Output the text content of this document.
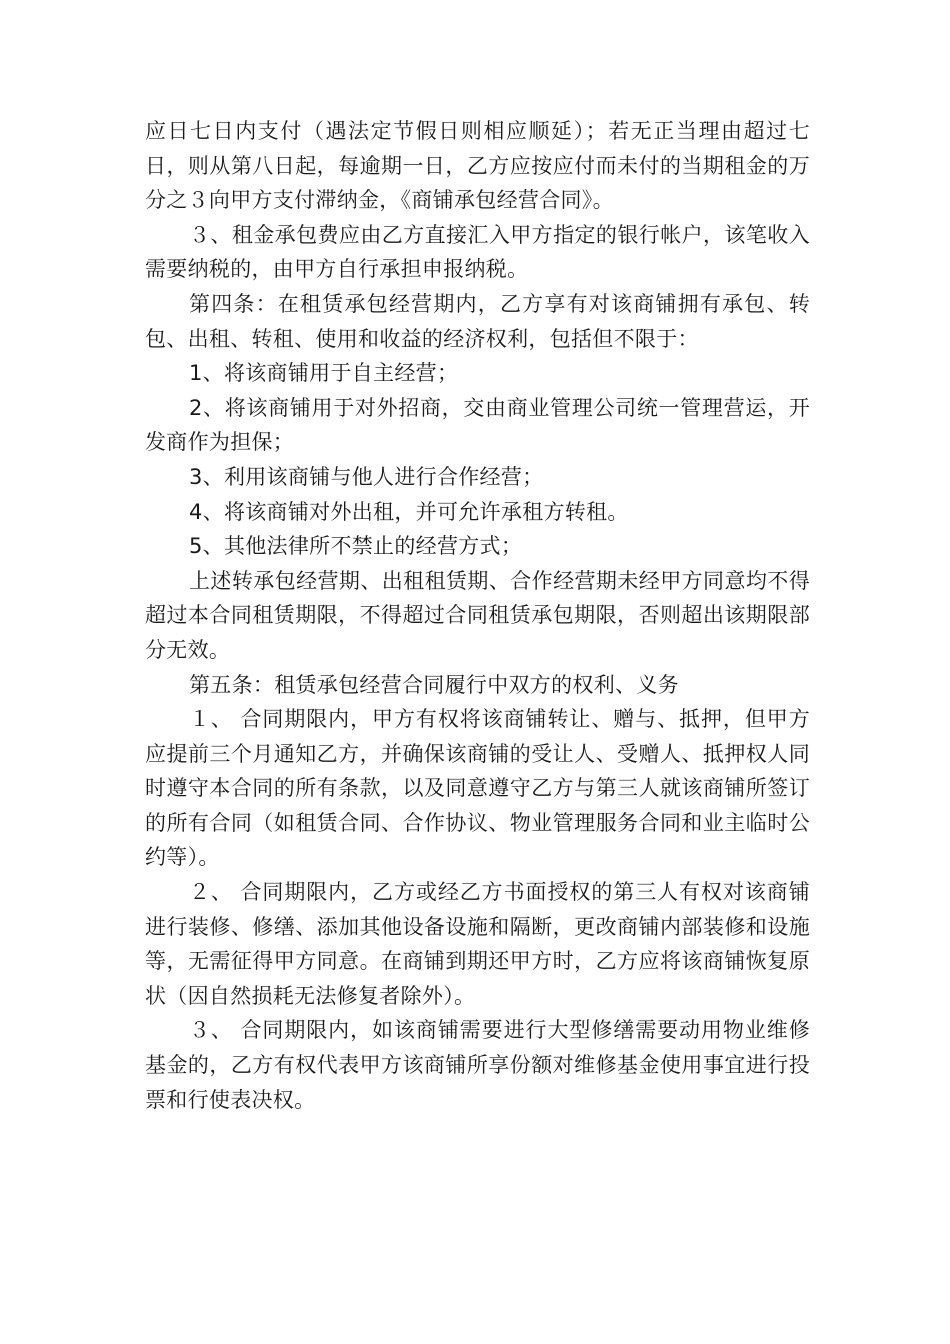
应日七日内支付（遇法定节假日则相应顺延）；若无正当理由超过七日，则从第八日起，每逾期一日，乙方应按应付而未付的当期租金的万分之３向甲方支付滞纳金，《商铺承包经营合同》。

３、租金承包费应由乙方直接汇入甲方指定的银行帐户，该笔收入需要纳税的，由甲方自行承担申报纳税。

第四条：在租赁承包经营期内，乙方享有对该商铺拥有承包、转包、出租、转租、使用和收益的经济权利，包括但不限于：

1、将该商铺用于自主经营；

2、将该商铺用于对外招商，交由商业管理公司统一管理营运，开发商作为担保；

3、利用该商铺与他人进行合作经营；

4、将该商铺对外出租，并可允许承租方转租。

5、其他法律所不禁止的经营方式；

上述转承包经营期、出租租赁期、合作经营期未经甲方同意均不得超过本合同租赁期限，不得超过合同租赁承包期限，否则超出该期限部分无效。

第五条：租赁承包经营合同履行中双方的权利、义务

１、 合同期限内，甲方有权将该商铺转让、赠与、抵押，但甲方应提前三个月通知乙方，并确保该商铺的受让人、受赠人、抵押权人同时遵守本合同的所有条款，以及同意遵守乙方与第三人就该商铺所签订的所有合同（如租赁合同、合作协议、物业管理服务合同和业主临时公约等）。

２、 合同期限内，乙方或经乙方书面授权的第三人有权对该商铺进行装修、修缮、添加其他设备设施和隔断，更改商铺内部装修和设施等，无需征得甲方同意。在商铺到期还甲方时，乙方应将该商铺恢复原状（因自然损耗无法修复者除外）。

３、 合同期限内，如该商铺需要进行大型修缮需要动用物业维修基金的，乙方有权代表甲方该商铺所享份额对维修基金使用事宜进行投票和行使表决权。
